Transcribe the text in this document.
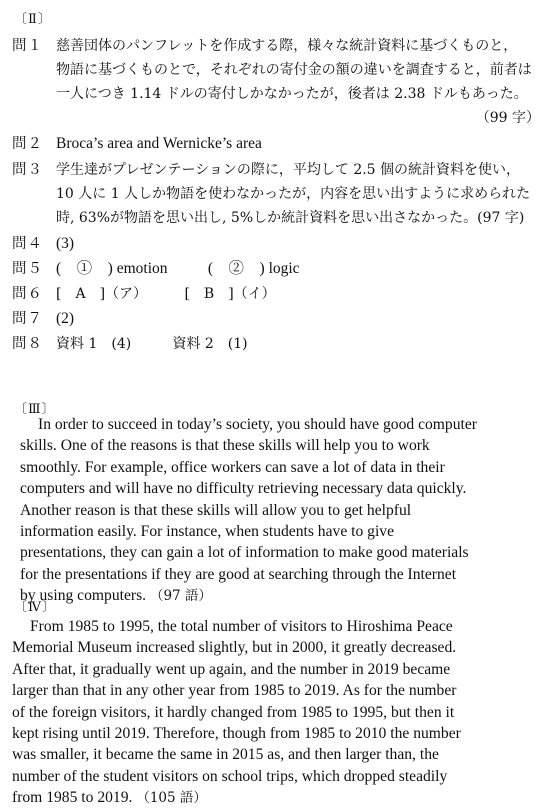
〔Ⅱ〕
問１ 慈善団体のパンフレットを作成する際，様々な統計資料に基づくものと，
物語に基づくものとで，それぞれの寄付金の額の違いを調査すると，前者は
一人につき 1.14 ドルの寄付しかなかったが，後者は 2.38 ドルもあった。
（99 字）
問２ Broca’s area and Wernicke’s area
問３ 学生達がプレゼンテーションの際に，平均して 2.5 個の統計資料を使い，
10 人に 1 人しか物語を使わなかったが，内容を思い出すように求められた
時, 63%が物語を思い出し, 5%しか統計資料を思い出さなかった。(97 字)
問４ (3)
問５ (　①　) emotion	(　②　) logic
問６ [　A　]（ア）	[　B　]（イ）
問７ (2)
問８ 資料 1　(4)	資料 2　(1)
〔Ⅲ〕
In order to succeed in today’s society, you should have good computer
skills. One of the reasons is that these skills will help you to work
smoothly. For example, office workers can save a lot of data in their
computers and will have no difficulty retrieving necessary data quickly.
Another reason is that these skills will allow you to get helpful
information easily. For instance, when students have to give
presentations, they can gain a lot of information to make good materials
for the presentations if they are good at searching through the Internet
by using computers. （97 語）
〔Ⅳ〕
From 1985 to 1995, the total number of visitors to Hiroshima Peace
Memorial Museum increased slightly, but in 2000, it greatly decreased.
After that, it gradually went up again, and the number in 2019 became
larger than that in any other year from 1985 to 2019. As for the number
of the foreign visitors, it hardly changed from 1985 to 1995, but then it
kept rising until 2019. Therefore, though from 1985 to 2010 the number
was smaller, it became the same in 2015 as, and then larger than, the
number of the student visitors on school trips, which dropped steadily
from 1985 to 2019. （105 語）
